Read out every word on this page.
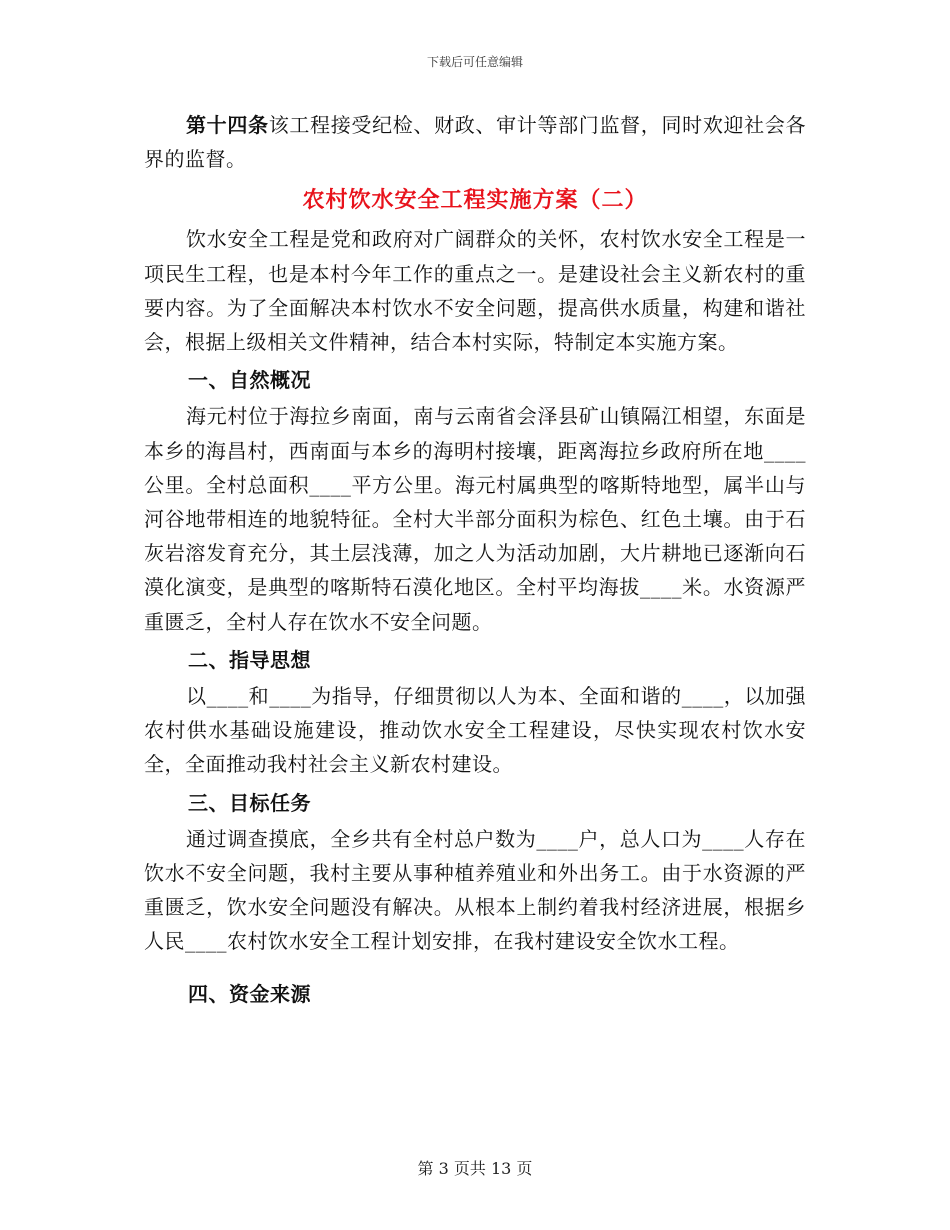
下载后可任意编辑

第十四条该工程接受纪检、财政、审计等部门监督，同时欢迎社会各界的监督。

农村饮水安全工程实施方案（二）

饮水安全工程是党和政府对广阔群众的关怀，农村饮水安全工程是一项民生工程，也是本村今年工作的重点之一。是建设社会主义新农村的重要内容。为了全面解决本村饮水不安全问题，提高供水质量，构建和谐社会，根据上级相关文件精神，结合本村实际，特制定本实施方案。

一、自然概况

海元村位于海拉乡南面，南与云南省会泽县矿山镇隔江相望，东面是本乡的海昌村，西南面与本乡的海明村接壤，距离海拉乡政府所在地____公里。全村总面积____平方公里。海元村属典型的喀斯特地型，属半山与河谷地带相连的地貌特征。全村大半部分面积为棕色、红色土壤。由于石灰岩溶发育充分，其土层浅薄，加之人为活动加剧，大片耕地已逐渐向石漠化演变，是典型的喀斯特石漠化地区。全村平均海拔____米。水资源严重匮乏，全村人存在饮水不安全问题。

二、指导思想

以____和____为指导，仔细贯彻以人为本、全面和谐的____，以加强农村供水基础设施建设，推动饮水安全工程建设，尽快实现农村饮水安全，全面推动我村社会主义新农村建设。

三、目标任务

通过调查摸底，全乡共有全村总户数为____户，总人口为____人存在饮水不安全问题，我村主要从事种植养殖业和外出务工。由于水资源的严重匮乏，饮水安全问题没有解决。从根本上制约着我村经济进展，根据乡人民____农村饮水安全工程计划安排，在我村建设安全饮水工程。

四、资金来源
第 3 页共 13 页
